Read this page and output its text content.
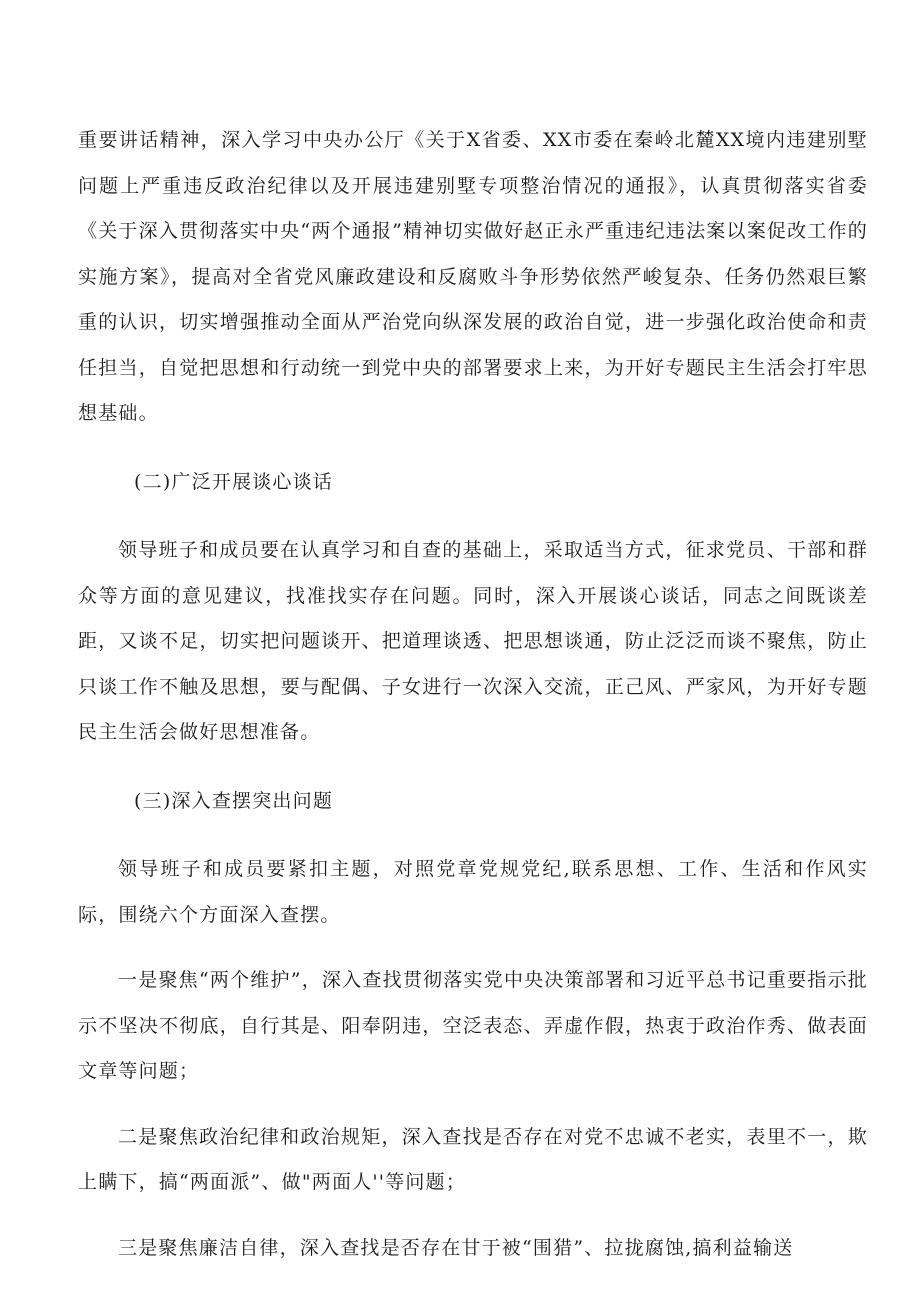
重要讲话精神，深入学习中央办公厅《关于X省委、XX市委在秦岭北麓XX境内违建别墅问题上严重违反政治纪律以及开展违建别墅专项整治情况的通报》，认真贯彻落实省委《关于深入贯彻落实中央“两个通报”精神切实做好赵正永严重违纪违法案以案促改工作的实施方案》，提高对全省党风廉政建设和反腐败斗争形势依然严峻复杂、任务仍然艰巨繁重的认识，切实增强推动全面从严治党向纵深发展的政治自觉，进一步强化政治使命和责任担当，自觉把思想和行动统一到党中央的部署要求上来，为开好专题民主生活会打牢思想基础。

(二)广泛开展谈心谈话

领导班子和成员要在认真学习和自查的基础上，采取适当方式，征求党员、干部和群众等方面的意见建议，找准找实存在问题。同时，深入开展谈心谈话，同志之间既谈差距，又谈不足，切实把问题谈开、把道理谈透、把思想谈通，防止泛泛而谈不聚焦，防止只谈工作不触及思想，要与配偶、子女进行一次深入交流，正己风、严家风，为开好专题民主生活会做好思想准备。

(三)深入查摆突出问题

领导班子和成员要紧扣主题，对照党章党规党纪,联系思想、工作、生活和作风实际，围绕六个方面深入查摆。

一是聚焦“两个维护”，深入查找贯彻落实党中央决策部署和习近平总书记重要指示批示不坚决不彻底，自行其是、阳奉阴违，空泛表态、弄虚作假，热衷于政治作秀、做表面文章等问题；

二是聚焦政治纪律和政治规矩，深入查找是否存在对党不忠诚不老实，表里不一，欺上瞒下，搞“两面派”、做"两面人''等问题；

三是聚焦廉洁自律，深入查找是否存在甘于被“围猎”、拉拢腐蚀,搞利益输送
